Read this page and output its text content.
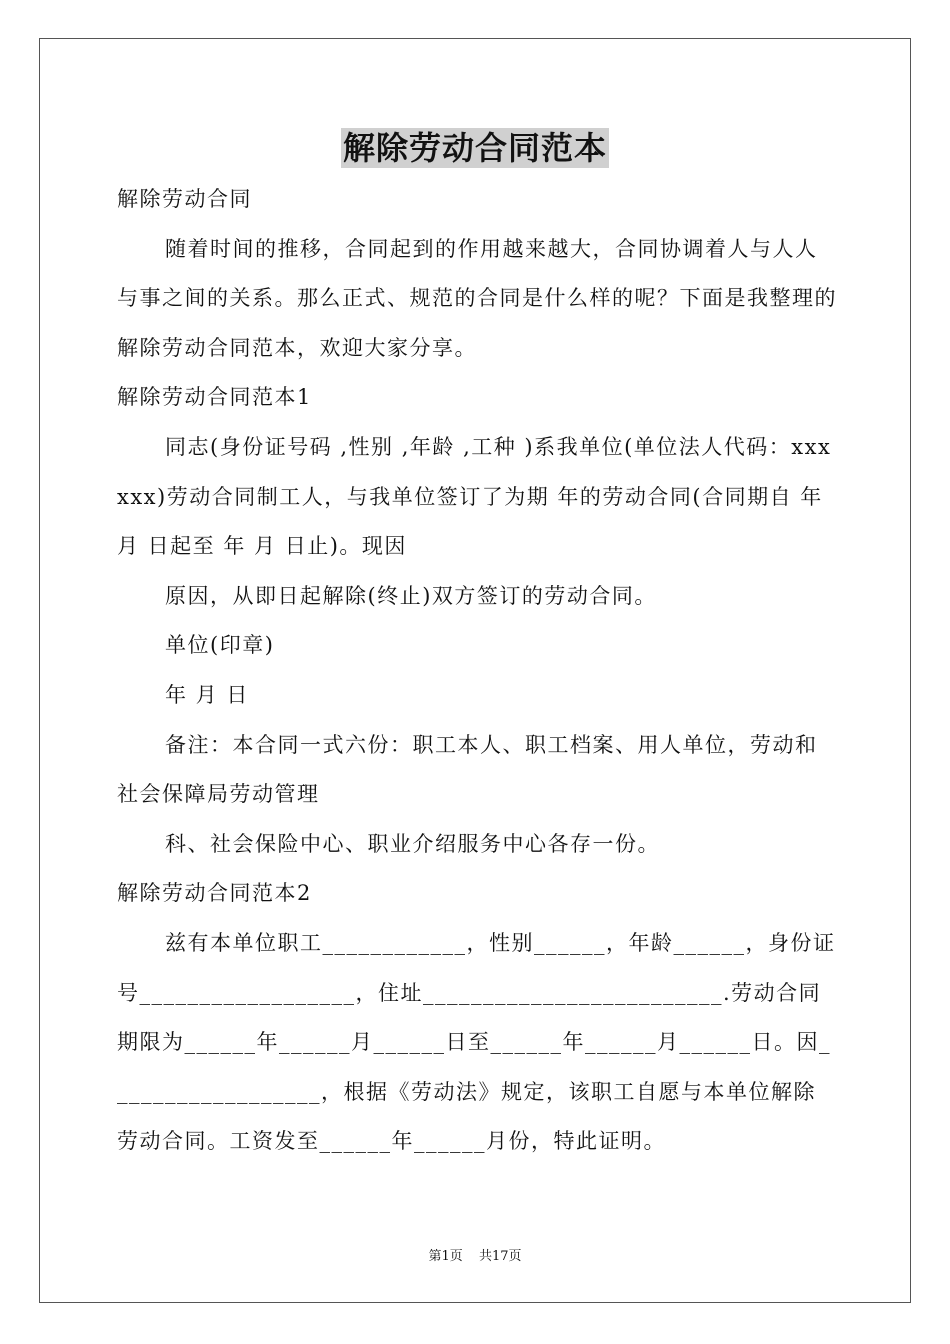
解除劳动合同范本

解除劳动合同

随着时间的推移，合同起到的作用越来越大，合同协调着人与人人与事之间的关系。那么正式、规范的合同是什么样的呢？下面是我整理的解除劳动合同范本，欢迎大家分享。

解除劳动合同范本1

同志(身份证号码 ,性别 ,年龄 ,工种 )系我单位(单位法人代码：xxxxxx)劳动合同制工人，与我单位签订了为期 年的劳动合同(合同期自 年 月 日起至 年 月 日止)。现因

原因，从即日起解除(终止)双方签订的劳动合同。

单位(印章)

年 月 日

备注：本合同一式六份：职工本人、职工档案、用人单位，劳动和社会保障局劳动管理

科、社会保险中心、职业介绍服务中心各存一份。

解除劳动合同范本2

兹有本单位职工____________，性别______，年龄______，身份证号__________________，住址_________________________.劳动合同期限为______年______月______日至______年______月______日。因__________________，根据《劳动法》规定，该职工自愿与本单位解除劳动合同。工资发至______年______月份，特此证明。

第1页 共17页
